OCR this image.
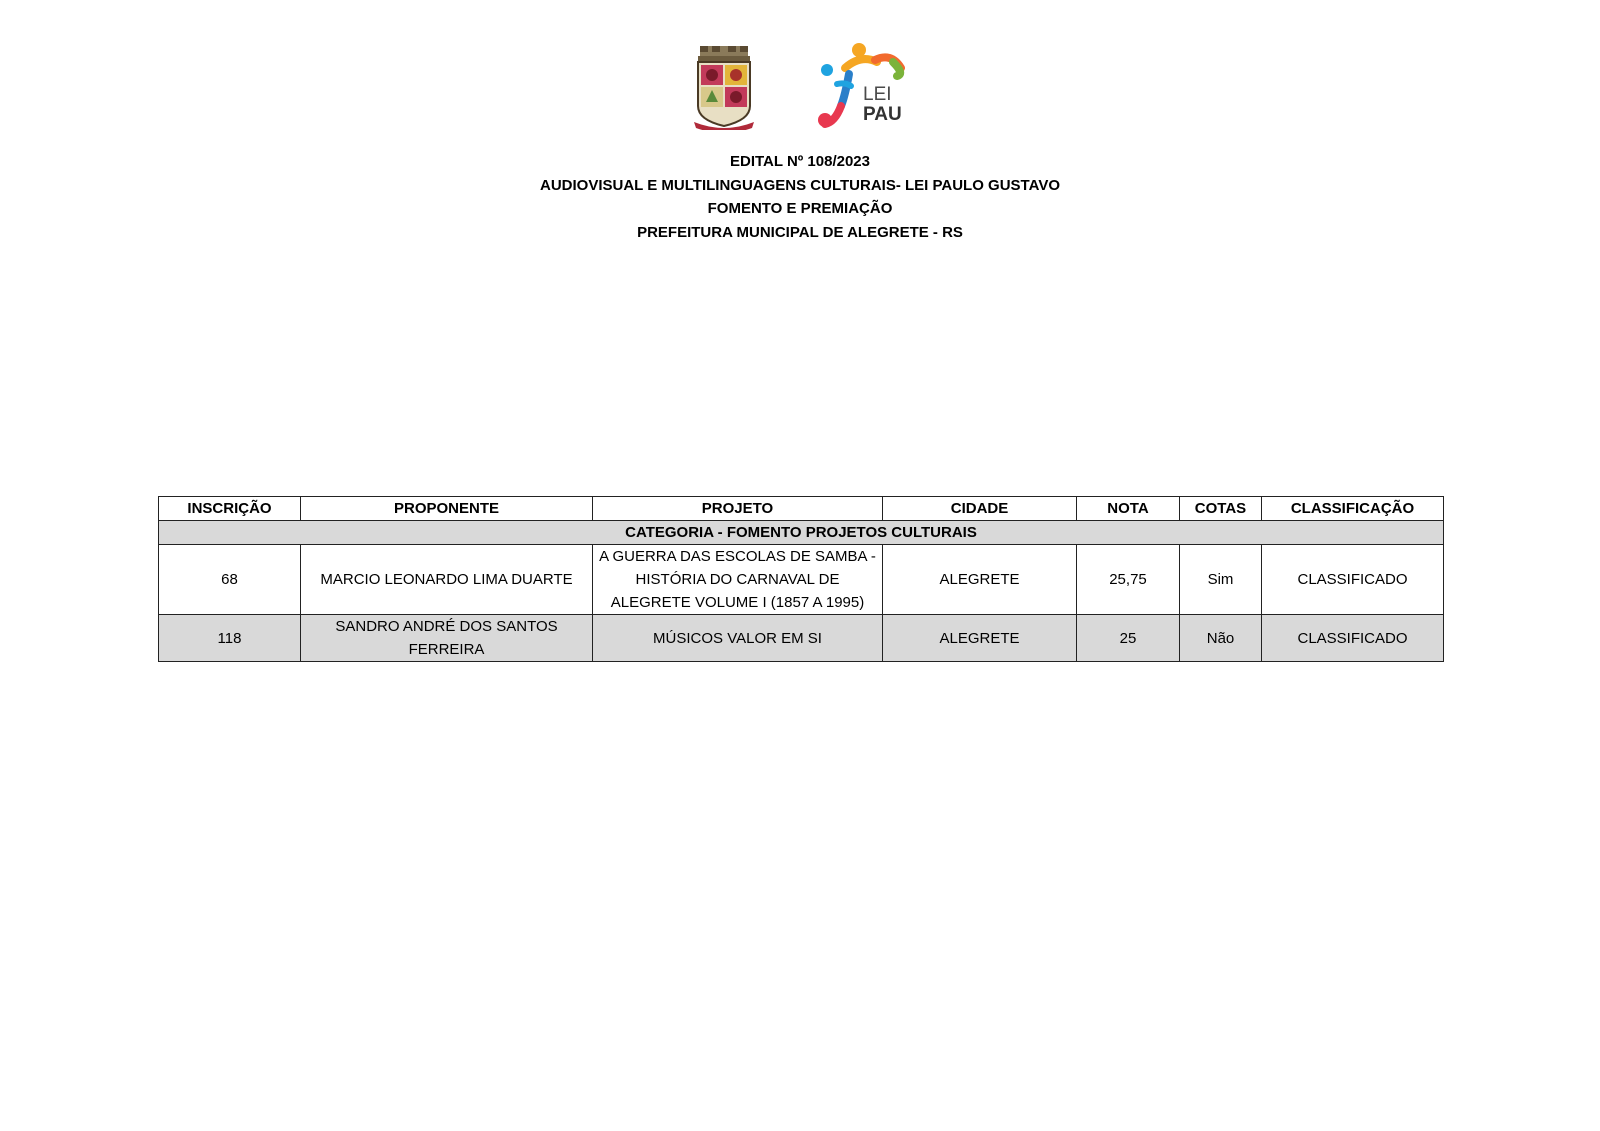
LEI
PAU
EDITAL Nº 108/2023
AUDIOVISUAL E MULTILINGUAGENS CULTURAIS- LEI PAULO GUSTAVO
FOMENTO E PREMIAÇÃO
PREFEITURA MUNICIPAL DE ALEGRETE - RS
INSCRIÇÃO	PROPONENTE	PROJETO	CIDADE	NOTA	COTAS	CLASSIFICAÇÃO
CATEGORIA - FOMENTO PROJETOS CULTURAIS						
68	MARCIO LEONARDO LIMA DUARTE	A GUERRA DAS ESCOLAS DE SAMBA - HISTÓRIA DO CARNAVAL DE ALEGRETE VOLUME I (1857 A 1995)	ALEGRETE	25,75	Sim	CLASSIFICADO
118	SANDRO ANDRÉ DOS SANTOS FERREIRA	MÚSICOS VALOR EM SI	ALEGRETE	25	Não	CLASSIFICADO
